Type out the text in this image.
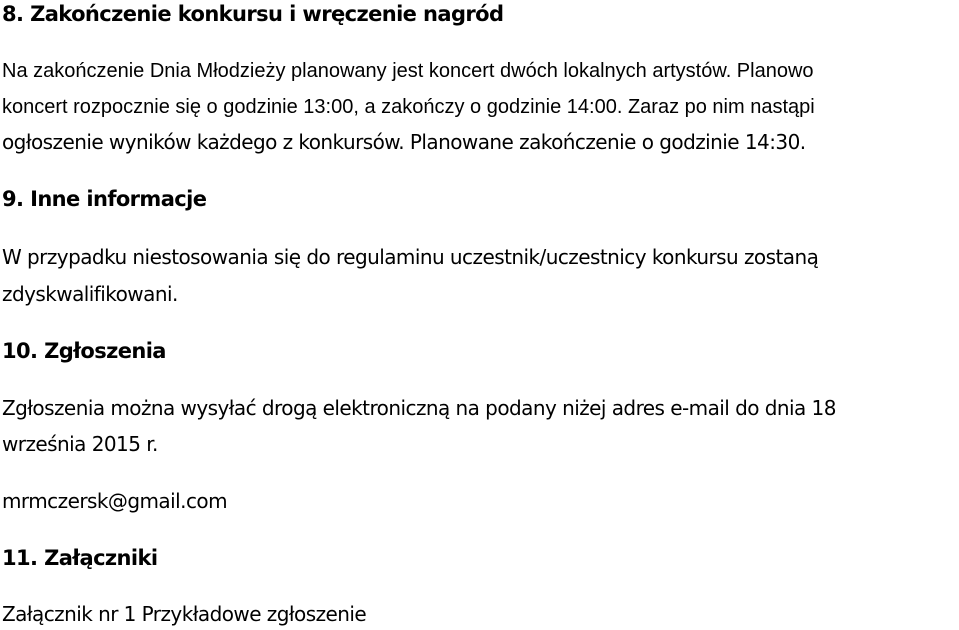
8. Zakończenie konkursu i wręczenie nagród

Na zakończenie Dnia Młodzieży planowany jest koncert dwóch lokalnych artystów. Planowo

koncert rozpocznie się o godzinie 13:00, a zakończy o godzinie 14:00. Zaraz po nim nastąpi

ogłoszenie wyników każdego z konkursów. Planowane zakończenie o godzinie 14:30.

9. Inne informacje

W przypadku niestosowania się do regulaminu uczestnik/uczestnicy konkursu zostaną

zdyskwalifikowani.

10. Zgłoszenia

Zgłoszenia można wysyłać drogą elektroniczną na podany niżej adres e-mail do dnia 18

września 2015 r.

mrmczersk@gmail.com

11. Załączniki

Załącznik nr 1 Przykładowe zgłoszenie
